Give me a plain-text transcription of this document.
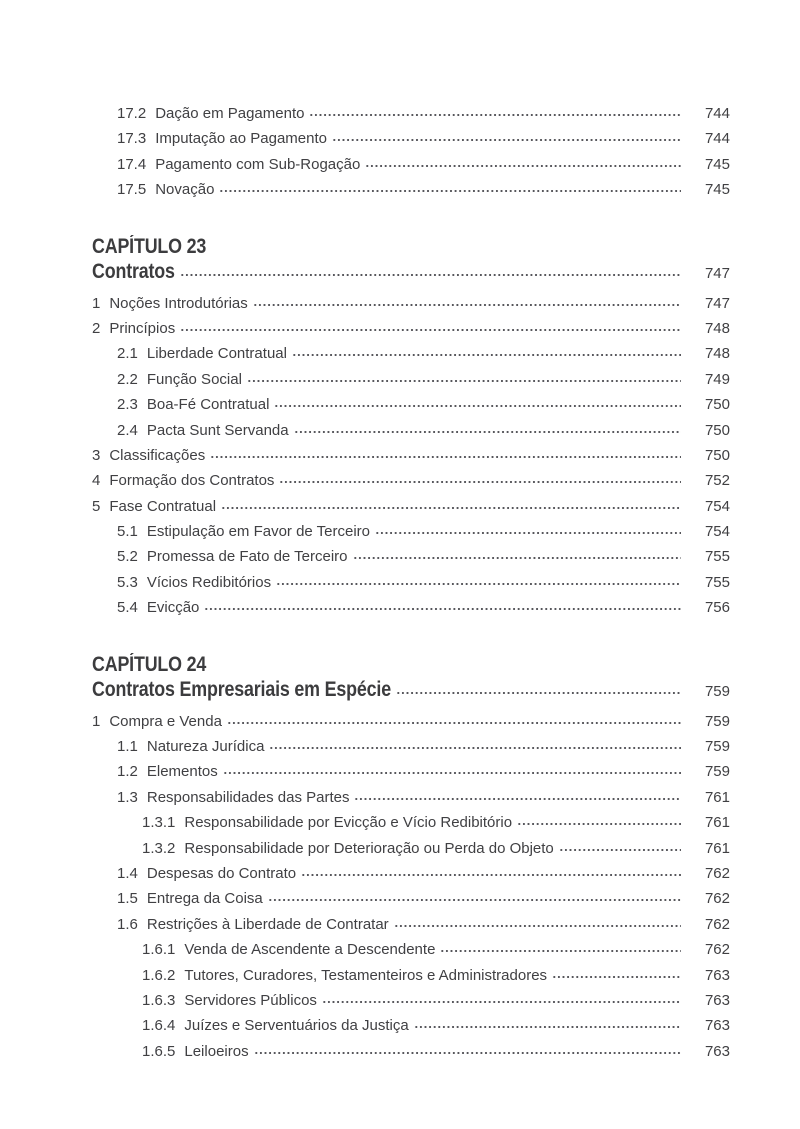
17.2 Dação em Pagamento	744
17.3 Imputação ao Pagamento	744
17.4 Pagamento com Sub-Rogação	745
17.5 Novação	745
CAPÍTULO 23
Contratos	747
1 Noções Introdutórias	747
2 Princípios	748
2.1 Liberdade Contratual	748
2.2 Função Social	749
2.3 Boa-Fé Contratual	750
2.4 Pacta Sunt Servanda	750
3 Classificações	750
4 Formação dos Contratos	752
5 Fase Contratual	754
5.1 Estipulação em Favor de Terceiro	754
5.2 Promessa de Fato de Terceiro	755
5.3 Vícios Redibitórios	755
5.4 Evicção	756
CAPÍTULO 24
Contratos Empresariais em Espécie	759
1 Compra e Venda	759
1.1 Natureza Jurídica	759
1.2 Elementos	759
1.3 Responsabilidades das Partes	761
1.3.1 Responsabilidade por Evicção e Vício Redibitório	761
1.3.2 Responsabilidade por Deterioração ou Perda do Objeto	761
1.4 Despesas do Contrato	762
1.5 Entrega da Coisa	762
1.6 Restrições à Liberdade de Contratar	762
1.6.1 Venda de Ascendente a Descendente	762
1.6.2 Tutores, Curadores, Testamenteiros e Administradores	763
1.6.3 Servidores Públicos	763
1.6.4 Juízes e Serventuários da Justiça	763
1.6.5 Leiloeiros	763
